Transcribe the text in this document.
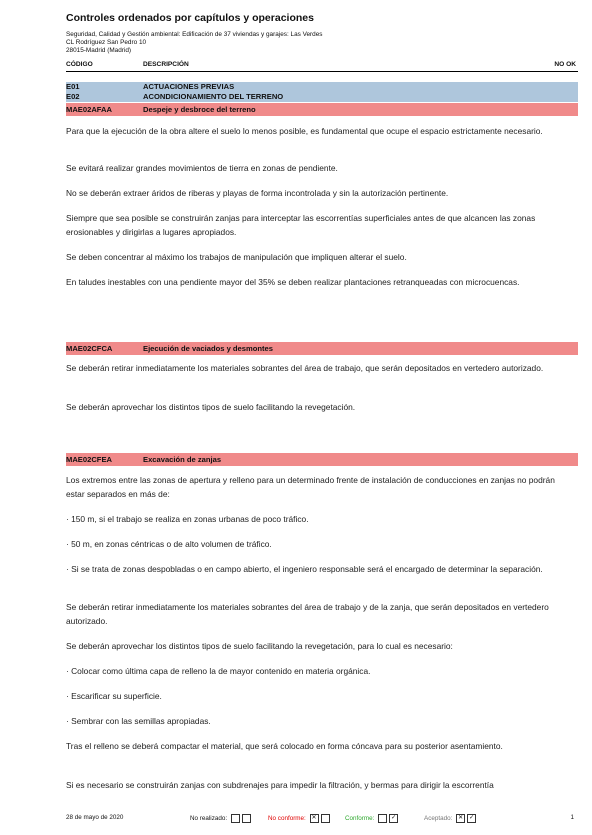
Controles ordenados por capítulos y operaciones
Seguridad, Calidad y Gestión ambiental: Edificación de 37 viviendas y garajes: Las Verdes
CL Rodríguez San Pedro 10
28015-Madrid (Madrid)
CÓDIGO	DESCRIPCIÓN	NO OK
E01	ACTUACIONES PREVIAS
E02	ACONDICIONAMIENTO DEL TERRENO
MAE02AFAA	Despeje y desbroce del terreno
Para que la ejecución de la obra altere el suelo lo menos posible, es fundamental que ocupe el espacio estrictamente necesario.
Se evitará realizar grandes movimientos de tierra en zonas de pendiente.
No se deberán extraer áridos de riberas y playas de forma incontrolada y sin la autorización pertinente.
Siempre que sea posible se construirán zanjas para interceptar las escorrentías superficiales antes de que alcancen las zonas erosionables y dirigirlas a lugares apropiados.
Se deben concentrar al máximo los trabajos de manipulación que impliquen alterar el suelo.
En taludes inestables con una pendiente mayor del 35% se deben realizar plantaciones retranqueadas con microcuencas.
MAE02CFCA	Ejecución de vaciados y desmontes
Se deberán retirar inmediatamente los materiales sobrantes del área de trabajo, que serán depositados en vertedero autorizado.
Se deberán aprovechar los distintos tipos de suelo facilitando la revegetación.
MAE02CFEA	Excavación de zanjas
Los extremos entre las zonas de apertura y relleno para un determinado frente de instalación de conducciones en zanjas no podrán estar separados en más de:
· 150 m, si el trabajo se realiza en zonas urbanas de poco tráfico.
· 50 m, en zonas céntricas o de alto volumen de tráfico.
· Si se trata de zonas despobladas o en campo abierto, el ingeniero responsable será el encargado de determinar la separación.
Se deberán retirar inmediatamente los materiales sobrantes del área de trabajo y de la zanja, que serán depositados en vertedero autorizado.
Se deberán aprovechar los distintos tipos de suelo facilitando la revegetación, para lo cual es necesario:
· Colocar como última capa de relleno la de mayor contenido en materia orgánica.
· Escarificar su superficie.
· Sembrar con las semillas apropiadas.
Tras el relleno se deberá compactar el material, que será colocado en forma cóncava para su posterior asentamiento.
Si es necesario se construirán zanjas con subdrenajes para impedir la filtración, y bermas para dirigir la escorrentía
28 de mayo de 2020	No realizado:	No conforme: ✕	Conforme:	✓	Aceptado: ✕ ✓	1
